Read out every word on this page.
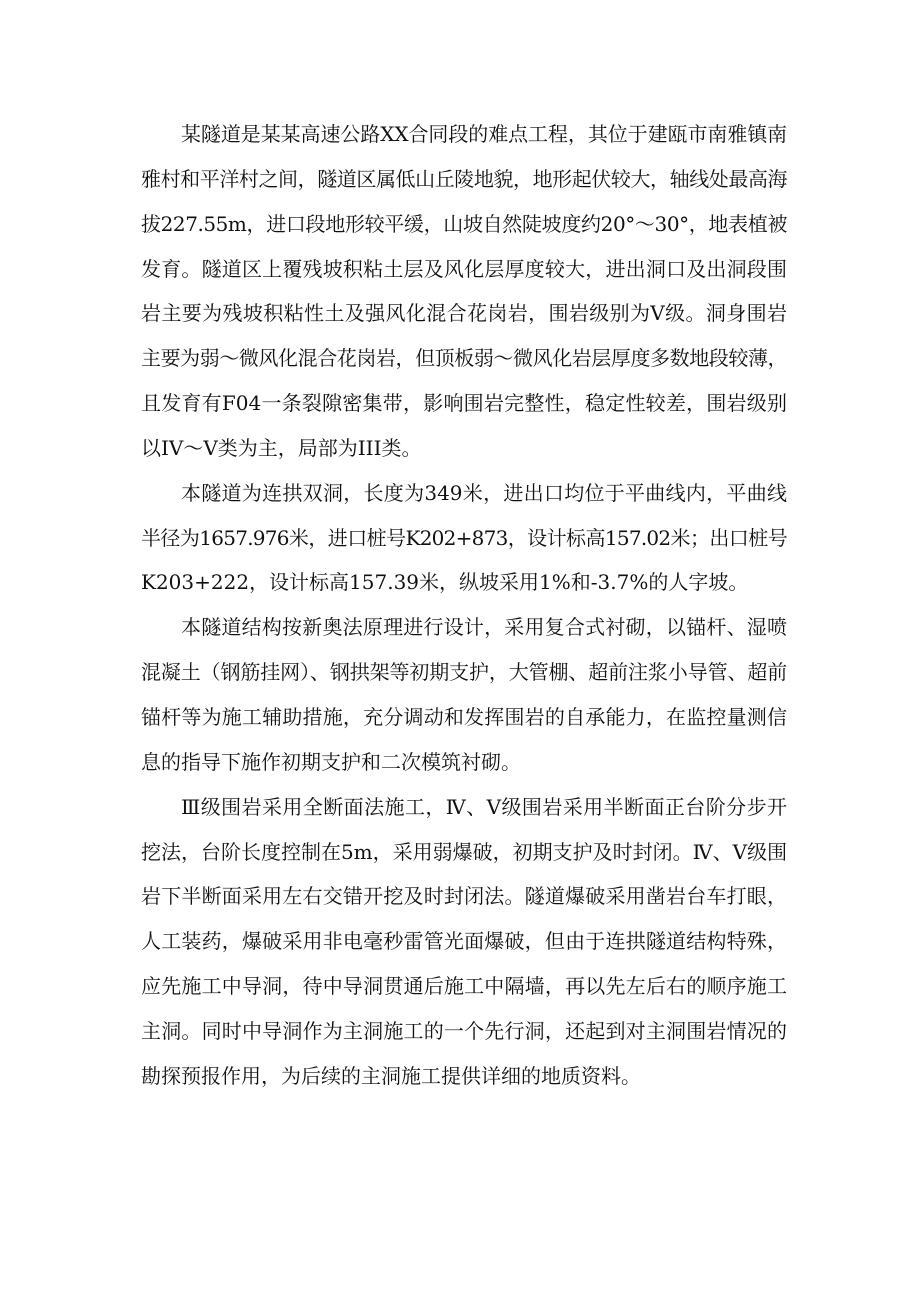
某隧道是某某高速公路XX合同段的难点工程，其位于建瓯市南雅镇南
雅村和平洋村之间，隧道区属低山丘陵地貌，地形起伏较大，轴线处最高海
拔227.55m，进口段地形较平缓，山坡自然陡坡度约20°～30°，地表植被
发育。隧道区上覆残坡积粘土层及风化层厚度较大，进出洞口及出洞段围
岩主要为残坡积粘性土及强风化混合花岗岩，围岩级别为V级。洞身围岩
主要为弱～微风化混合花岗岩，但顶板弱～微风化岩层厚度多数地段较薄，
且发育有F04一条裂隙密集带，影响围岩完整性，稳定性较差，围岩级别
以IV～V类为主，局部为III类。
本隧道为连拱双洞，长度为349米，进出口均位于平曲线内，平曲线
半径为1657.976米，进口桩号K202+873，设计标高157.02米；出口桩号
K203+222，设计标高157.39米，纵坡采用1%和-3.7%的人字坡。
本隧道结构按新奥法原理进行设计，采用复合式衬砌，以锚杆、湿喷
混凝土（钢筋挂网）、钢拱架等初期支护，大管棚、超前注浆小导管、超前
锚杆等为施工辅助措施，充分调动和发挥围岩的自承能力，在监控量测信
息的指导下施作初期支护和二次模筑衬砌。
Ⅲ级围岩采用全断面法施工，Ⅳ、Ⅴ级围岩采用半断面正台阶分步开
挖法，台阶长度控制在5m，采用弱爆破，初期支护及时封闭。Ⅳ、Ⅴ级围
岩下半断面采用左右交错开挖及时封闭法。隧道爆破采用凿岩台车打眼，
人工装药，爆破采用非电毫秒雷管光面爆破，但由于连拱隧道结构特殊，
应先施工中导洞，待中导洞贯通后施工中隔墙，再以先左后右的顺序施工
主洞。同时中导洞作为主洞施工的一个先行洞，还起到对主洞围岩情况的
勘探预报作用，为后续的主洞施工提供详细的地质资料。
